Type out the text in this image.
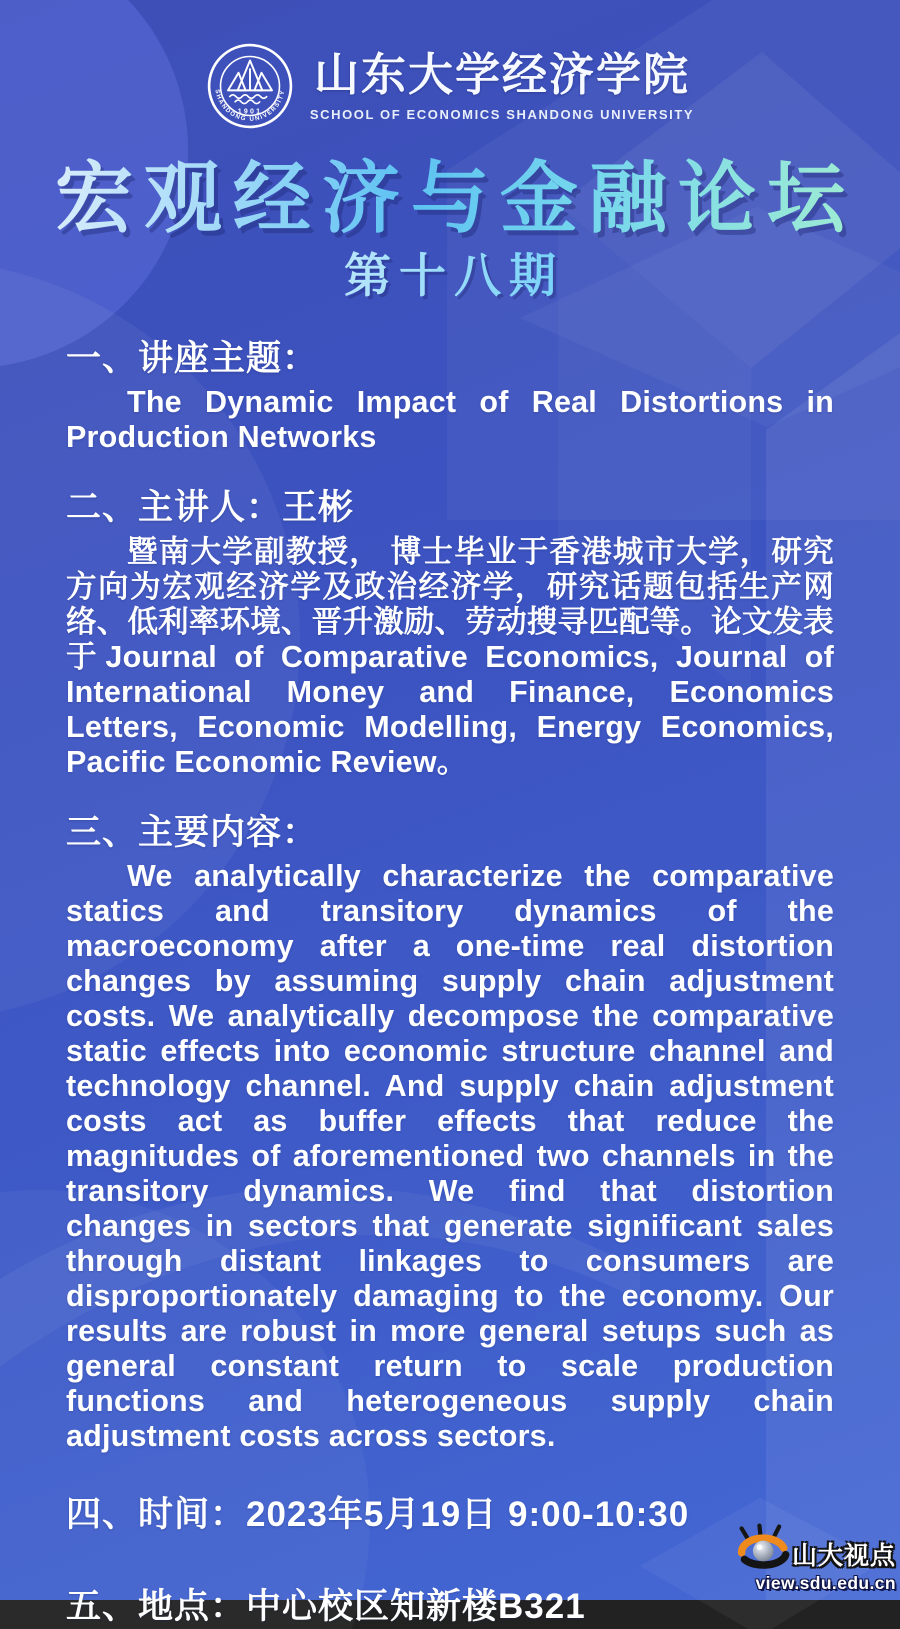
1901
SHANDONG UNIVERSITY 山东大学经济学院
SCHOOL OF ECONOMICS SHANDONG UNIVERSITY
宏观经济与金融论坛
第十八期
一、讲座主题：

The Dynamic Impact of Real Distortions in Production Networks

二、主讲人：王彬

暨南大学副教授， 博士毕业于香港城市大学，研究方向为宏观经济学及政治经济学，研究话题包括生产网络、低利率环境、晋升激励、劳动搜寻匹配等。论文发表于Journal of Comparative Economics, Journal of International Money and Finance, Economics Letters, Economic Modelling, Energy Economics, Pacific Economic Review。

三、主要内容：

We analytically characterize the comparative statics and transitory dynamics of the macroeconomy after a one-time real distortion changes by assuming supply chain adjustment costs. We analytically decompose the comparative static effects into economic structure channel and technology channel. And supply chain adjustment costs act as buffer effects that reduce the magnitudes of aforementioned two channels in the transitory dynamics. We find that distortion changes in sectors that generate significant sales through distant linkages to consumers are disproportionately damaging to the economy. Our results are robust in more general setups such as general constant return to scale production functions and heterogeneous supply chain adjustment costs across sectors.

四、时间：2023年5月19日 9:00-10:30
五、地点：中心校区知新楼B321
山大视点
view.sdu.edu.cn
